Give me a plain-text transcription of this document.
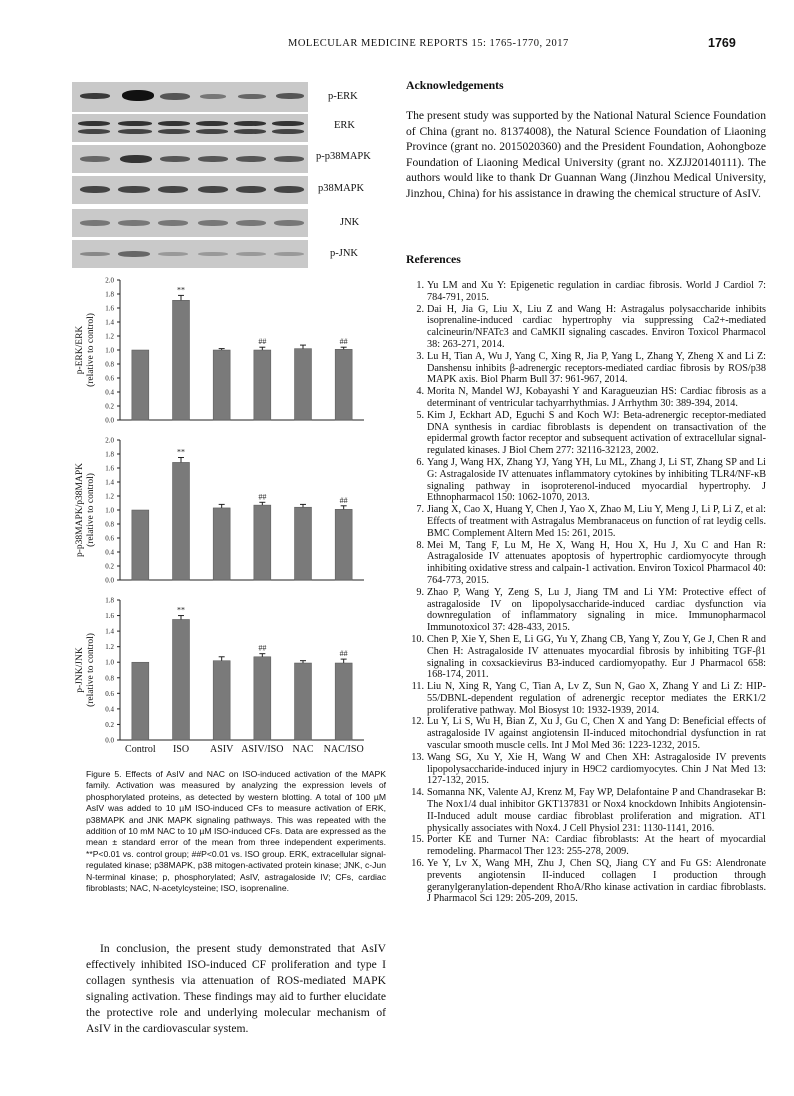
MOLECULAR MEDICINE REPORTS 15: 1765-1770, 2017	1769
p-ERK
ERK
p-p38MAPK
p38MAPK
JNK
p-JNK
0.0
0.2
0.4
0.6
0.8
1.0
1.2
1.4
1.6
1.8
2.0
p-ERK/ERK (relative to control)
**
##	##
0.0
0.2
0.4
0.6
0.8
1.0
1.2
1.4
1.6
1.8
2.0
p-p38MAPK/p38MAPK (relative to control)
**
##	##
0.0
0.2
0.4
0.6
0.8
1.0
1.2
1.4
1.6
1.8
p-JNK/JNK (relative to control)
Control
**
ISO ASIV
##
ASIV/ISO NAC
##
NAC/ISO
Figure 5. Effects of AsIV and NAC on ISO-induced activation of the MAPK family. Activation was measured by analyzing the expression levels of phosphorylated proteins, as detected by western blotting. A total of 100 µM AsIV was added to 10 µM ISO-induced CFs to measure activation of ERK, p38MAPK and JNK MAPK signaling pathways. This was repeated with the addition of 10 mM NAC to 10 µM ISO-induced CFs. Data are expressed as the mean ± standard error of the mean from three independent experiments. **P<0.01 vs. control group; ##P<0.01 vs. ISO group. ERK, extracellular signal-regulated kinase; p38MAPK, p38 mitogen-activated protein kinase; JNK, c-Jun N-terminal kinase; p, phosphorylated; AsIV, astragaloside IV; CFs, cardiac fibroblasts; NAC, N-acetylcysteine; ISO, isoprenaline.

In conclusion, the present study demonstrated that AsIV effectively inhibited ISO-induced CF proliferation and type I collagen synthesis via attenuation of ROS-mediated MAPK signaling activation. These findings may aid to further elucidate the protective role and underlying molecular mechanism of AsIV in the cardiovascular system.

Acknowledgements
The present study was supported by the National Natural Science Foundation of China (grant no. 81374008), the Natural Science Foundation of Liaoning Province (grant no. 2015020360) and the President Foundation, Aohongboze Foundation of Liaoning Medical University (grant no. XZJJ20140111). The authors would like to thank Dr Guannan Wang (Jinzhou Medical University, Jinzhou, China) for his assistance in drawing the chemical structure of AsIV.
References
1. Yu LM and Xu Y: Epigenetic regulation in cardiac fibrosis. World J Cardiol 7: 784-791, 2015.
2. Dai H, Jia G, Liu X, Liu Z and Wang H: Astragalus polysaccharide inhibits isoprenaline-induced cardiac hypertrophy via suppressing Ca2+-mediated calcineurin/NFATc3 and CaMKII signaling cascades. Environ Toxicol Pharmacol 38: 263-271, 2014.
3. Lu H, Tian A, Wu J, Yang C, Xing R, Jia P, Yang L, Zhang Y, Zheng X and Li Z: Danshensu inhibits β-adrenergic receptors-mediated cardiac fibrosis by ROS/p38 MAPK axis. Biol Pharm Bull 37: 961-967, 2014.
4. Morita N, Mandel WJ, Kobayashi Y and Karagueuzian HS: Cardiac fibrosis as a determinant of ventricular tachyarrhythmias. J Arrhythm 30: 389-394, 2014.
5. Kim J, Eckhart AD, Eguchi S and Koch WJ: Beta-adrenergic receptor-mediated DNA synthesis in cardiac fibroblasts is dependent on transactivation of the epidermal growth factor receptor and subsequent activation of extracellular signal-regulated kinases. J Biol Chem 277: 32116-32123, 2002.
6. Yang J, Wang HX, Zhang YJ, Yang YH, Lu ML, Zhang J, Li ST, Zhang SP and Li G: Astragaloside IV attenuates inflammatory cytokines by inhibiting TLR4/NF-κB signaling pathway in isoproterenol-induced myocardial hypertrophy. J Ethnopharmacol 150: 1062-1070, 2013.
7. Jiang X, Cao X, Huang Y, Chen J, Yao X, Zhao M, Liu Y, Meng J, Li P, Li Z, et al: Effects of treatment with Astragalus Membranaceus on function of rat leydig cells. BMC Complement Altern Med 15: 261, 2015.
8. Mei M, Tang F, Lu M, He X, Wang H, Hou X, Hu J, Xu C and Han R: Astragaloside IV attenuates apoptosis of hypertrophic cardiomyocyte through inhibiting oxidative stress and calpain-1 activation. Environ Toxicol Pharmacol 40: 764-773, 2015.
9. Zhao P, Wang Y, Zeng S, Lu J, Jiang TM and Li YM: Protective effect of astragaloside IV on lipopolysaccharide-induced cardiac dysfunction via downregulation of inflammatory signaling in mice. Immunopharmacol Immunotoxicol 37: 428-433, 2015.
10. Chen P, Xie Y, Shen E, Li GG, Yu Y, Zhang CB, Yang Y, Zou Y, Ge J, Chen R and Chen H: Astragaloside IV attenuates myocardial fibrosis by inhibiting TGF-β1 signaling in coxsackievirus B3-induced cardiomyopathy. Eur J Pharmacol 658: 168-174, 2011.
11. Liu N, Xing R, Yang C, Tian A, Lv Z, Sun N, Gao X, Zhang Y and Li Z: HIP-55/DBNL-dependent regulation of adrenergic receptor mediates the ERK1/2 proliferative pathway. Mol Biosyst 10: 1932-1939, 2014.
12. Lu Y, Li S, Wu H, Bian Z, Xu J, Gu C, Chen X and Yang D: Beneficial effects of astragaloside IV against angiotensin II-induced mitochondrial dysfunction in rat vascular smooth muscle cells. Int J Mol Med 36: 1223-1232, 2015.
13. Wang SG, Xu Y, Xie H, Wang W and Chen XH: Astragaloside IV prevents lipopolysaccharide-induced injury in H9C2 cardiomyocytes. Chin J Nat Med 13: 127-132, 2015.
14. Somanna NK, Valente AJ, Krenz M, Fay WP, Delafontaine P and Chandrasekar B: The Nox1/4 dual inhibitor GKT137831 or Nox4 knockdown Inhibits Angiotensin-II-Induced adult mouse cardiac fibroblast proliferation and migration. AT1 physically associates with Nox4. J Cell Physiol 231: 1130-1141, 2016.
15. Porter KE and Turner NA: Cardiac fibroblasts: At the heart of myocardial remodeling. Pharmacol Ther 123: 255-278, 2009.
16. Ye Y, Lv X, Wang MH, Zhu J, Chen SQ, Jiang CY and Fu GS: Alendronate prevents angiotensin II-induced collagen I production through geranylgeranylation-dependent RhoA/Rho kinase activation in cardiac fibroblasts. J Pharmacol Sci 129: 205-209, 2015.
